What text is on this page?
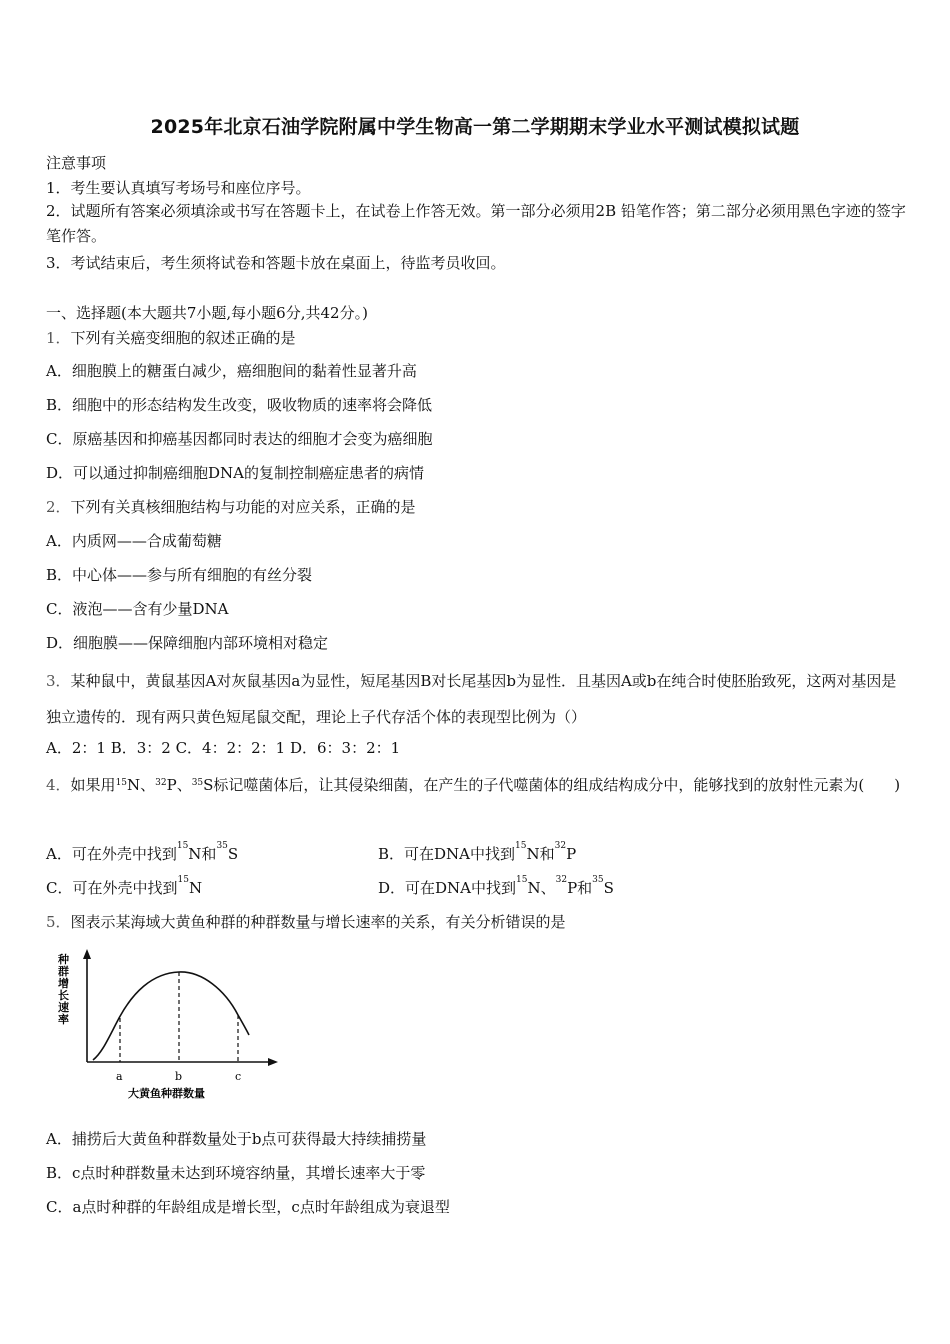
2025年北京石油学院附属中学生物高一第二学期期末学业水平测试模拟试题
注意事项
1．考生要认真填写考场号和座位序号。
2．试题所有答案必须填涂或书写在答题卡上，在试卷上作答无效。第一部分必须用2B 铅笔作答；第二部分必须用黑色字迹的签字笔作答。
3．考试结束后，考生须将试卷和答题卡放在桌面上，待监考员收回。
一、选择题(本大题共7小题,每小题6分,共42分。)
1．下列有关癌变细胞的叙述正确的是
A．细胞膜上的糖蛋白减少，癌细胞间的黏着性显著升高
B．细胞中的形态结构发生改变，吸收物质的速率将会降低
C．原癌基因和抑癌基因都同时表达的细胞才会变为癌细胞
D．可以通过抑制癌细胞DNA的复制控制癌症患者的病情
2．下列有关真核细胞结构与功能的对应关系，正确的是
A．内质网——合成葡萄糖
B．中心体——参与所有细胞的有丝分裂
C．液泡——含有少量DNA
D．细胞膜——保障细胞内部环境相对稳定
3．某种鼠中，黄鼠基因A对灰鼠基因a为显性，短尾基因B对长尾基因b为显性．且基因A或b在纯合时使胚胎致死，这两对基因是独立遗传的．现有两只黄色短尾鼠交配，理论上子代存活个体的表现型比例为（）
A．2：1 B．3：2 C．4：2：2：1 D．6：3：2：1
4．如果用$^{15}$N、$^{32}$P、$^{35}$S标记噬菌体后，让其侵染细菌，在产生的子代噬菌体的组成结构成分中，能够找到的放射性元素为(　　)
A．可在外壳中找到$^{15}$N和$^{35}$S	B．可在DNA中找到$^{15}$N和$^{32}$P
C．可在外壳中找到$^{15}$N	D．可在DNA中找到$^{15}$N、$^{32}$P和$^{35}$S
5．图表示某海域大黄鱼种群的种群数量与增长速率的关系，有关分析错误的是
种群增长速率
a	b	c
大黄鱼种群数量
A．捕捞后大黄鱼种群数量处于b点可获得最大持续捕捞量
B．c点时种群数量未达到环境容纳量，其增长速率大于零
C．a点时种群的年龄组成是增长型，c点时年龄组成为衰退型
